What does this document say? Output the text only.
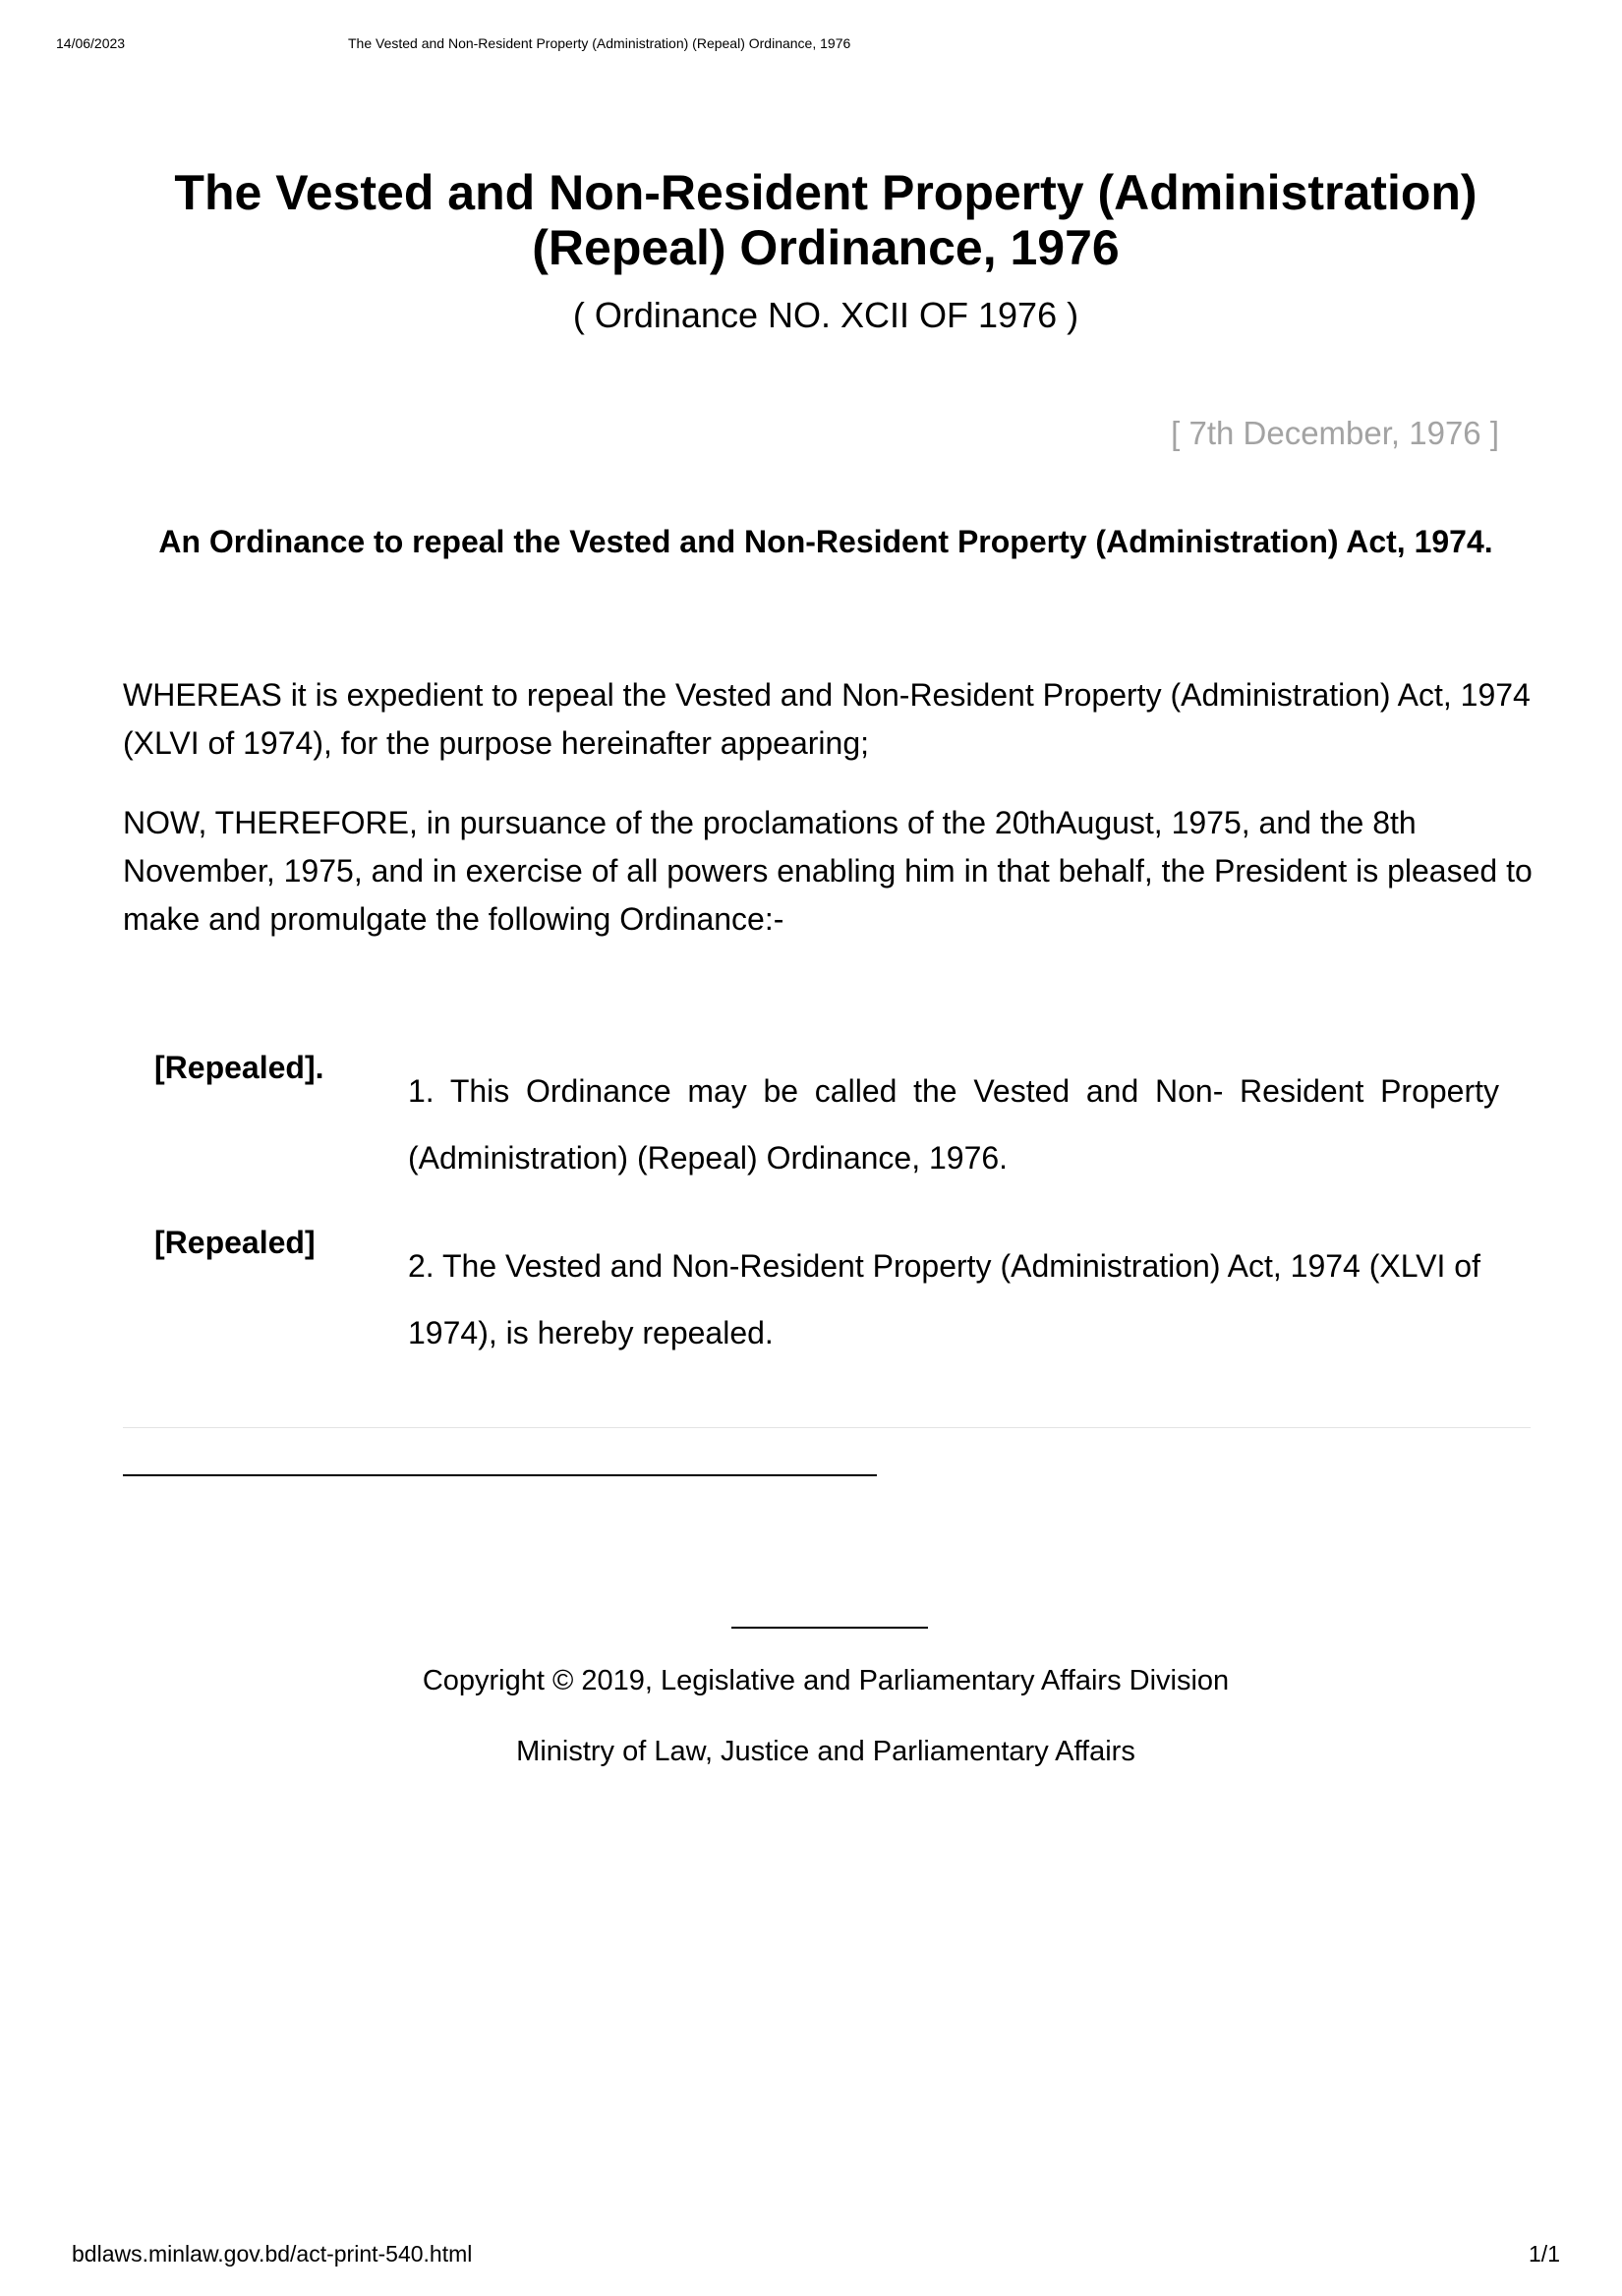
14/06/2023	The Vested and Non-Resident Property (Administration) (Repeal) Ordinance, 1976
The Vested and Non-Resident Property (Administration)
(Repeal) Ordinance, 1976
( Ordinance NO. XCII OF 1976 )
[ 7th December, 1976 ]
An Ordinance to repeal the Vested and Non-Resident Property (Administration) Act, 1974.

WHEREAS it is expedient to repeal the Vested and Non-Resident Property (Administration) Act, 1974 (XLVI of 1974), for the purpose hereinafter appearing;

NOW, THEREFORE, in pursuance of the proclamations of the 20thAugust, 1975, and the 8th November, 1975, and in exercise of all powers enabling him in that behalf, the President is pleased to make and promulgate the following Ordinance:-

[Repealed].
1. This Ordinance may be called the Vested and Non- Resident Property (Administration) (Repeal) Ordinance, 1976.
[Repealed]
2. The Vested and Non-Resident Property (Administration) Act, 1974 (XLVI of 1974), is hereby repealed.
Copyright © 2019, Legislative and Parliamentary Affairs Division
Ministry of Law, Justice and Parliamentary Affairs
bdlaws.minlaw.gov.bd/act-print-540.html	1/1
